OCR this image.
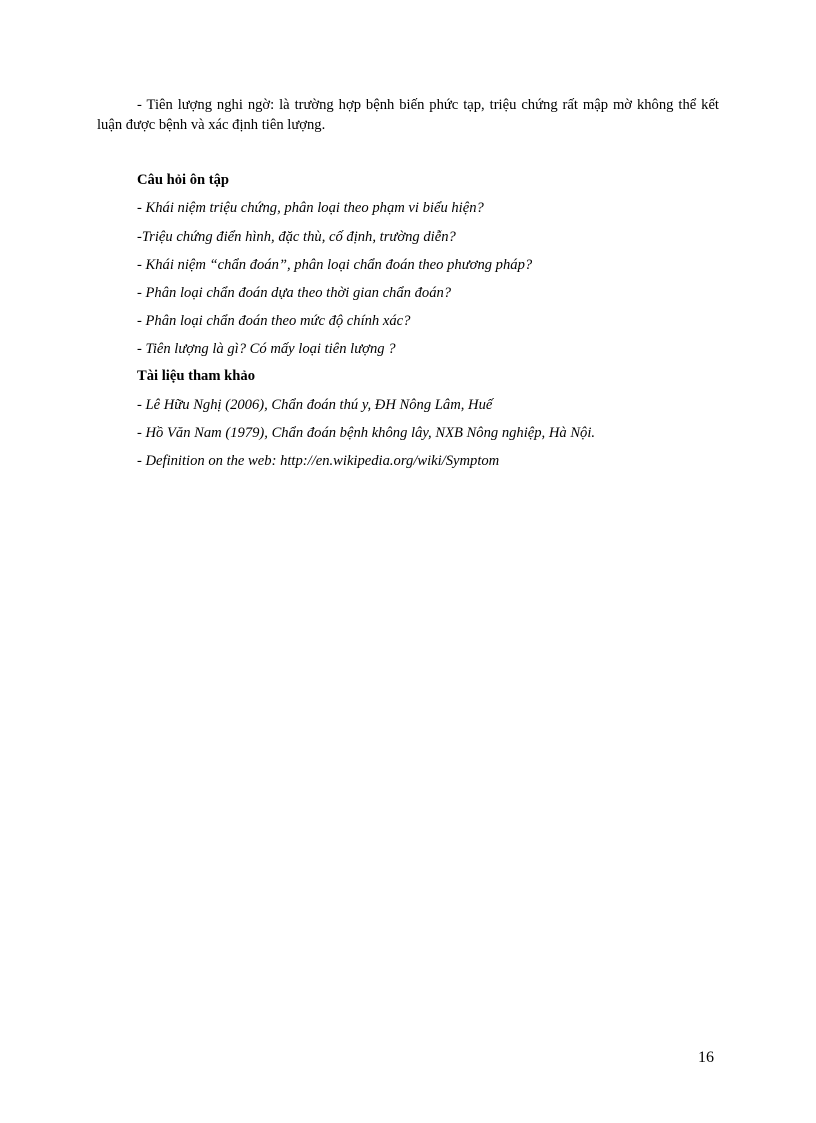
- Tiên lượng nghi ngờ: là trường hợp bệnh biến phức tạp, triệu chứng rất mập mờ không thể kết luận được bệnh và xác định tiên lượng.

Câu hỏi ôn tập

- Khái niệm triệu chứng, phân loại theo phạm vi biểu hiện?

-Triệu chứng điển hình, đặc thù, cố định, trường diễn?

- Khái niệm “chẩn đoán”, phân loại chẩn đoán theo phương pháp?

- Phân loại chẩn đoán dựa theo thời gian chẩn đoán?

- Phân loại chẩn đoán theo mức độ chính xác?

- Tiên lượng là gì? Có mấy loại tiên lượng ?

Tài liệu tham khảo

- Lê Hữu Nghị (2006), Chẩn đoán thú y, ĐH Nông Lâm, Huế

- Hồ Văn Nam (1979), Chẩn đoán bệnh không lây, NXB Nông nghiệp, Hà Nội.

- Definition on the web: http://en.wikipedia.org/wiki/Symptom

16
